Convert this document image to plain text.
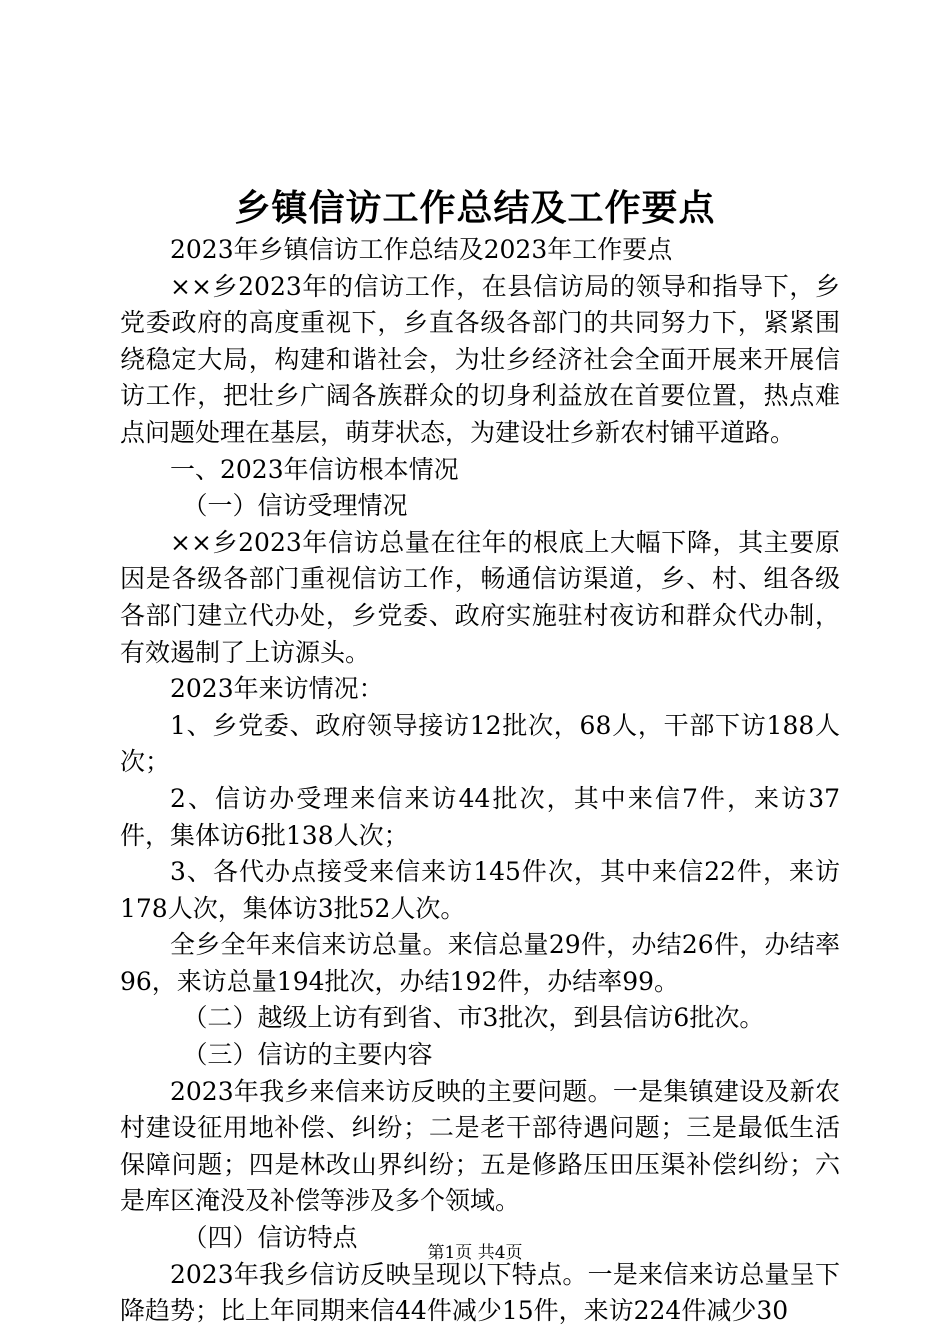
乡镇信访工作总结及工作要点

2023年乡镇信访工作总结及2023年工作要点

××乡2023年的信访工作，在县信访局的领导和指导下，乡党委政府的高度重视下，乡直各级各部门的共同努力下，紧紧围绕稳定大局，构建和谐社会，为壮乡经济社会全面开展来开展信访工作，把壮乡广阔各族群众的切身利益放在首要位置，热点难点问题处理在基层，萌芽状态，为建设壮乡新农村铺平道路。

一、2023年信访根本情况

（一）信访受理情况

××乡2023年信访总量在往年的根底上大幅下降，其主要原因是各级各部门重视信访工作，畅通信访渠道，乡、村、组各级各部门建立代办处，乡党委、政府实施驻村夜访和群众代办制，有效遏制了上访源头。

2023年来访情况：

1、乡党委、政府领导接访12批次，68人，干部下访188人次；

2、信访办受理来信来访44批次，其中来信7件，来访37件，集体访6批138人次；

3、各代办点接受来信来访145件次，其中来信22件，来访178人次，集体访3批52人次。

全乡全年来信来访总量。来信总量29件，办结26件，办结率96，来访总量194批次，办结192件，办结率99。

（二）越级上访有到省、市3批次，到县信访6批次。

（三）信访的主要内容

2023年我乡来信来访反映的主要问题。一是集镇建设及新农村建设征用地补偿、纠纷；二是老干部待遇问题；三是最低生活保障问题；四是林改山界纠纷；五是修路压田压渠补偿纠纷；六是库区淹没及补偿等涉及多个领域。

（四）信访特点

2023年我乡信访反映呈现以下特点。一是来信来访总量呈下降趋势；比上年同期来信44件减少15件，来访224件减少30

第1页 共4页
